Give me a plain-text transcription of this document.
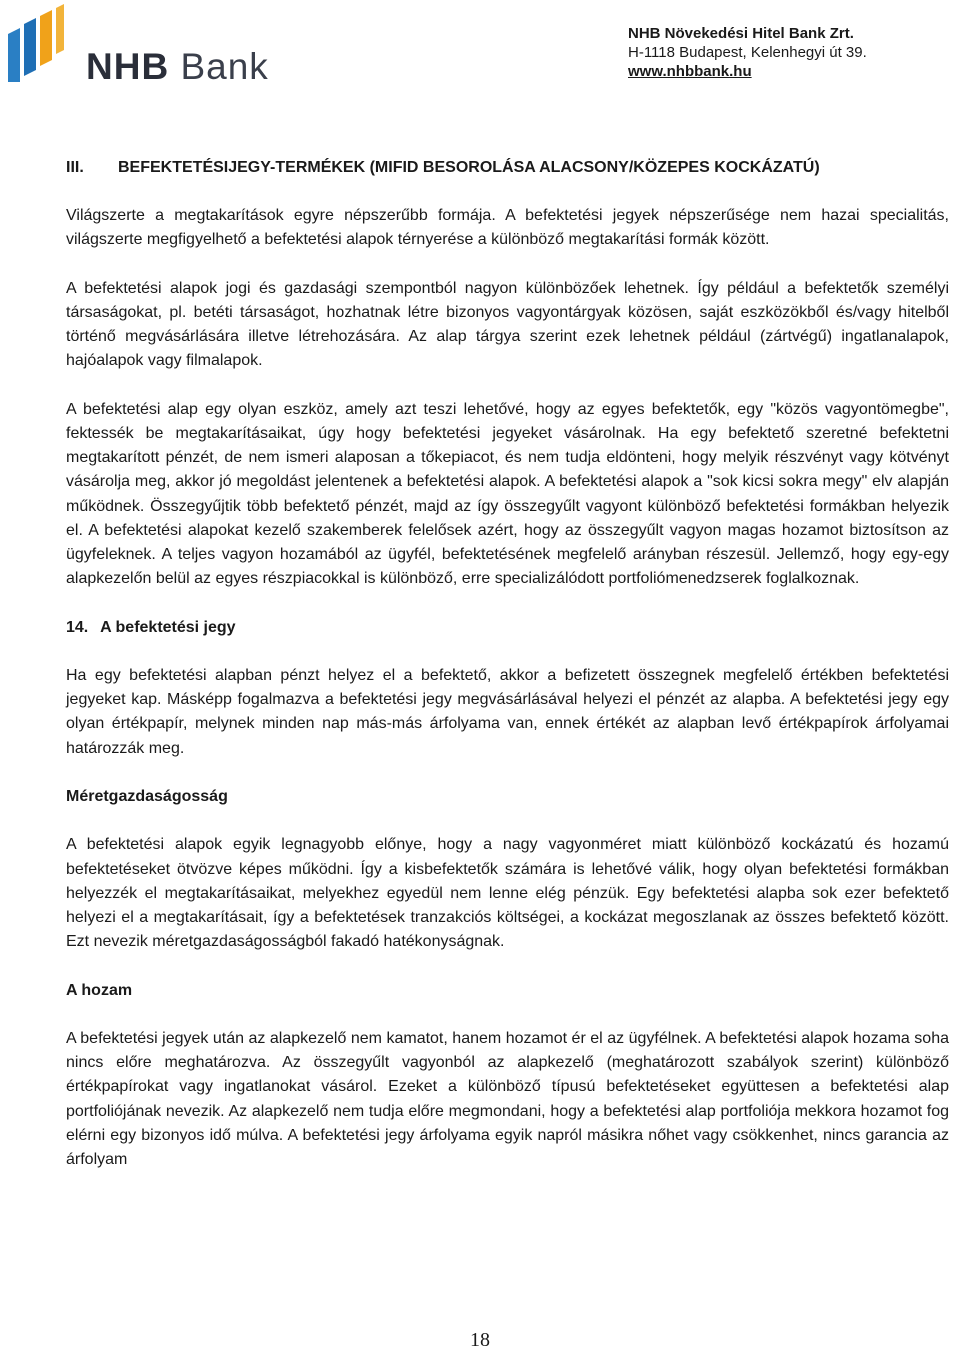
NHB Bank
NHB Növekedési Hitel Bank Zrt.
H-1118 Budapest, Kelenhegyi út 39.
www.nhbbank.hu
III.	BEFEKTETÉSIJEGY-TERMÉKEK (MIFID BESOROLÁSA ALACSONY/KÖZEPES KOCKÁZATÚ)

Világszerte a megtakarítások egyre népszerűbb formája. A befektetési jegyek népszerűsége nem hazai specialitás, világszerte megfigyelhető a befektetési alapok térnyerése a különböző megtakarítási formák között.

A befektetési alapok jogi és gazdasági szempontból nagyon különbözőek lehetnek. Így például a befektetők személyi társaságokat, pl. betéti társaságot, hozhatnak létre bizonyos vagyontárgyak közösen, saját eszközökből és/vagy hitelből történő megvásárlására illetve létrehozására. Az alap tárgya szerint ezek lehetnek például (zártvégű) ingatlanalapok, hajóalapok vagy filmalapok.

A befektetési alap egy olyan eszköz, amely azt teszi lehetővé, hogy az egyes befektetők, egy "közös vagyontömegbe", fektessék be megtakarításaikat, úgy hogy befektetési jegyeket vásárolnak. Ha egy befektető szeretné befektetni megtakarított pénzét, de nem ismeri alaposan a tőkepiacot, és nem tudja eldönteni, hogy melyik részvényt vagy kötvényt vásárolja meg, akkor jó megoldást jelentenek a befektetési alapok. A befektetési alapok a "sok kicsi sokra megy" elv alapján működnek. Összegyűjtik több befektető pénzét, majd az így összegyűlt vagyont különböző befektetési formákban helyezik el. A befektetési alapokat kezelő szakemberek felelősek azért, hogy az összegyűlt vagyon magas hozamot biztosítson az ügyfeleknek. A teljes vagyon hozamából az ügyfél, befektetésének megfelelő arányban részesül. Jellemző, hogy egy-egy alapkezelőn belül az egyes részpiacokkal is különböző, erre specializálódott portfoliómenedzserek foglalkoznak.

14. A befektetési jegy

Ha egy befektetési alapban pénzt helyez el a befektető, akkor a befizetett összegnek megfelelő értékben befektetési jegyeket kap. Másképp fogalmazva a befektetési jegy megvásárlásával helyezi el pénzét az alapba. A befektetési jegy egy olyan értékpapír, melynek minden nap más-más árfolyama van, ennek értékét az alapban levő értékpapírok árfolyamai határozzák meg.

Méretgazdaságosság

A befektetési alapok egyik legnagyobb előnye, hogy a nagy vagyonméret miatt különböző kockázatú és hozamú befektetéseket ötvözve képes működni. Így a kisbefektetők számára is lehetővé válik, hogy olyan befektetési formákban helyezzék el megtakarításaikat, melyekhez egyedül nem lenne elég pénzük. Egy befektetési alapba sok ezer befektető helyezi el a megtakarításait, így a befektetések tranzakciós költségei, a kockázat megoszlanak az összes befektető között. Ezt nevezik méretgazdaságosságból fakadó hatékonyságnak.

A hozam

A befektetési jegyek után az alapkezelő nem kamatot, hanem hozamot ér el az ügyfélnek. A befektetési alapok hozama soha nincs előre meghatározva. Az összegyűlt vagyonból az alapkezelő (meghatározott szabályok szerint) különböző értékpapírokat vagy ingatlanokat vásárol. Ezeket a különböző típusú befektetéseket együttesen a befektetési alap portfoliójának nevezik. Az alapkezelő nem tudja előre megmondani, hogy a befektetési alap portfoliója mekkora hozamot fog elérni egy bizonyos idő múlva. A befektetési jegy árfolyama egyik napról másikra nőhet vagy csökkenhet, nincs garancia az árfolyam

18
